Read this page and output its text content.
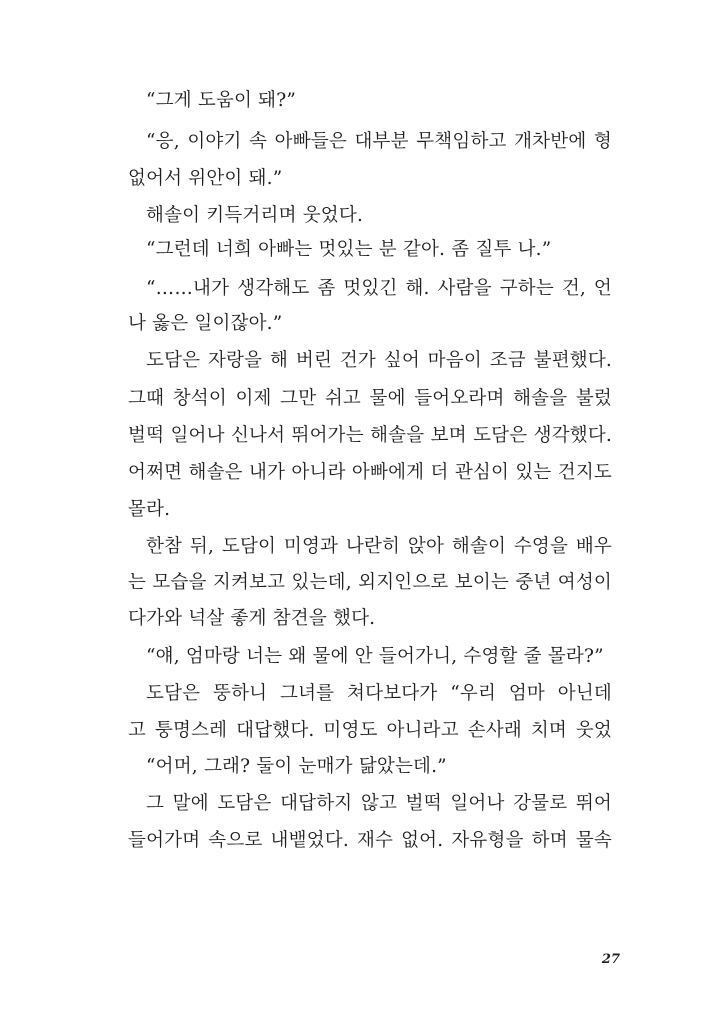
“그게 도움이 돼?”
“응, 이야기 속 아빠들은 대부분 무책임하고 개차반에 형
없어서 위안이 돼.”
해솔이 키득거리며 웃었다.
“그런데 너희 아빠는 멋있는 분 같아. 좀 질투 나.”
“……내가 생각해도 좀 멋있긴 해. 사람을 구하는 건, 언
나 옳은 일이잖아.”
도담은 자랑을 해 버린 건가 싶어 마음이 조금 불편했다.
그때 창석이 이제 그만 쉬고 물에 들어오라며 해솔을 불렀
벌떡 일어나 신나서 뛰어가는 해솔을 보며 도담은 생각했다.
어쩌면 해솔은 내가 아니라 아빠에게 더 관심이 있는 건지도
몰라.
한참 뒤, 도담이 미영과 나란히 앉아 해솔이 수영을 배우
는 모습을 지켜보고 있는데, 외지인으로 보이는 중년 여성이
다가와 넉살 좋게 참견을 했다.
“얘, 엄마랑 너는 왜 물에 안 들어가니, 수영할 줄 몰라?”
도담은 뚱하니 그녀를 쳐다보다가 “우리 엄마 아닌데
고 퉁명스레 대답했다. 미영도 아니라고 손사래 치며 웃었
“어머, 그래? 둘이 눈매가 닮았는데.”
그 말에 도담은 대답하지 않고 벌떡 일어나 강물로 뛰어
들어가며 속으로 내뱉었다. 재수 없어. 자유형을 하며 물속
27
